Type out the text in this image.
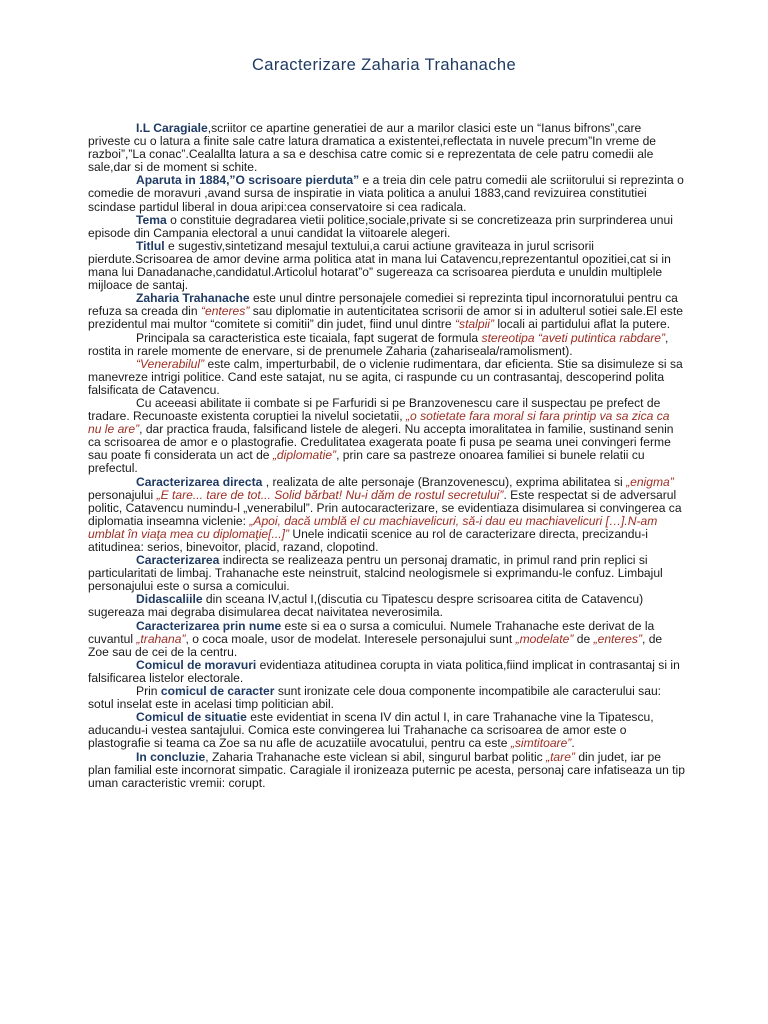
Caracterizare Zaharia Trahanache

I.L Caragiale,scriitor ce apartine generatiei de aur a marilor clasici este un “Ianus bifrons”,care priveste cu o latura a finite sale catre latura dramatica a existentei,reflectata in nuvele precum”In vreme de razboi”,”La conac”.Cealallta latura a sa e deschisa catre comic si e reprezentata de cele patru comedii ale sale,dar si de moment si schite.

Aparuta in 1884,”O scrisoare pierduta” e a treia din cele patru comedii ale scriitorului si reprezinta o comedie de moravuri ,avand sursa de inspiratie in viata politica a anului 1883,cand revizuirea constitutiei scindase partidul liberal in doua aripi:cea conservatoire si cea radicala.

Tema o constituie degradarea vietii politice,sociale,private si se concretizeaza prin surprinderea unui episode din Campania electoral a unui candidat la viitoarele alegeri.

Titlul e sugestiv,sintetizand mesajul textului,a carui actiune graviteaza in jurul scrisorii pierdute.Scrisoarea de amor devine arma politica atat in mana lui Catavencu,reprezentantul opozitiei,cat si in mana lui Danadanache,candidatul.Articolul hotarat”o” sugereaza ca scrisoarea pierduta e unuldin multiplele mijloace de santaj.

Zaharia Trahanache este unul dintre personajele comediei si reprezinta tipul incornoratului pentru ca refuza sa creada din “enteres” sau diplomatie in autenticitatea scrisorii de amor si in adulterul sotiei sale.El este prezidentul mai multor “comitete si comitii” din judet, fiind unul dintre “stalpii” locali ai partidului aflat la putere.

Principala sa caracteristica este ticaiala, fapt sugerat de formula stereotipa “aveti putintica rabdare”, rostita in rarele momente de enervare, si de prenumele Zaharia (zaharisealа/ramolisment).

“Venerabilul” este calm, imperturbabil, de o viclenie rudimentara, dar eficienta. Stie sa disimuleze si sa manevreze intrigi politice. Cand este satajat, nu se agita, ci raspunde cu un contrasantaj, descoperind polita falsificata de Catavencu.

Cu aceeasi abilitate ii combate si pe Farfuridi si pe Branzovenescu care il suspectau pe prefect de tradare. Recunoaste existenta coruptiei la nivelul societatii, „o sotietate fara moral si fara printip va sa zica ca nu le are”, dar practica frauda, falsificand listele de alegeri. Nu accepta imoralitatea in familie, sustinand senin ca scrisoarea de amor e o plastografie. Credulitatea exagerata poate fi pusa pe seama unei convingeri ferme sau poate fi considerata un act de „diplomatie”, prin care sa pastreze onoarea familiei si bunele relatii cu prefectul.

Caracterizarea directa , realizata de alte personaje (Branzovenescu), exprima abilitatea si „enigma” personajului „E tare... tare de tot... Solid bărbat! Nu-i dăm de rostul secretului”. Este respectat si de adversarul politic, Catavencu numindu-l „venerabilul”. Prin autocaracterizare, se evidentiaza disimularea si convingerea ca diplomatia inseamna viclenie: „Apoi, dacă umblă el cu machiavelicuri, să-i dau eu machiavelicuri […].N-am umblat în viaţa mea cu diplomaţie[...]” Unele indicatii scenice au rol de caracterizare directa, precizandu-i atitudinea: serios, binevoitor, placid, razand, clopotind.

Caracterizarea indirecta se realizeaza pentru un personaj dramatic, in primul rand prin replici si particularitati de limbaj. Trahanache este neinstruit, stalcind neologismele si exprimandu-le confuz. Limbajul personajului este o sursa a comicului.

Didascaliile din sceana IV,actul I,(discutia cu Tipatescu despre scrisoarea citita de Catavencu) sugereaza mai degraba disimularea decat naivitatea neverosimila.

Caracterizarea prin nume este si ea o sursa a comicului. Numele Trahanache este derivat de la cuvantul „trahana”, o coca moale, usor de modelat. Interesele personajului sunt „modelate” de „enteres”, de Zoe sau de cei de la centru.

Comicul de moravuri evidentiaza atitudinea corupta in viata politica,fiind implicat in contrasantaj si in falsificarea listelor electorale.

Prin comicul de caracter sunt ironizate cele doua componente incompatibile ale caracterului sau: sotul inselat este in acelasi timp politician abil.

Comicul de situatie este evidentiat in scena IV din actul I, in care Trahanache vine la Tipatescu, aducandu-i vestea santajului. Comica este convingerea lui Trahanache ca scrisoarea de amor este o plastografie si teama ca Zoe sa nu afle de acuzatiile avocatului, pentru ca este „simtitoare”.

In concluzie, Zaharia Trahanache este viclean si abil, singurul barbat politic „tare” din judet, iar pe plan familial este incornorat simpatic. Caragiale il ironizeaza puternic pe acesta, personaj care infatiseaza un tip uman caracteristic vremii: corupt.
